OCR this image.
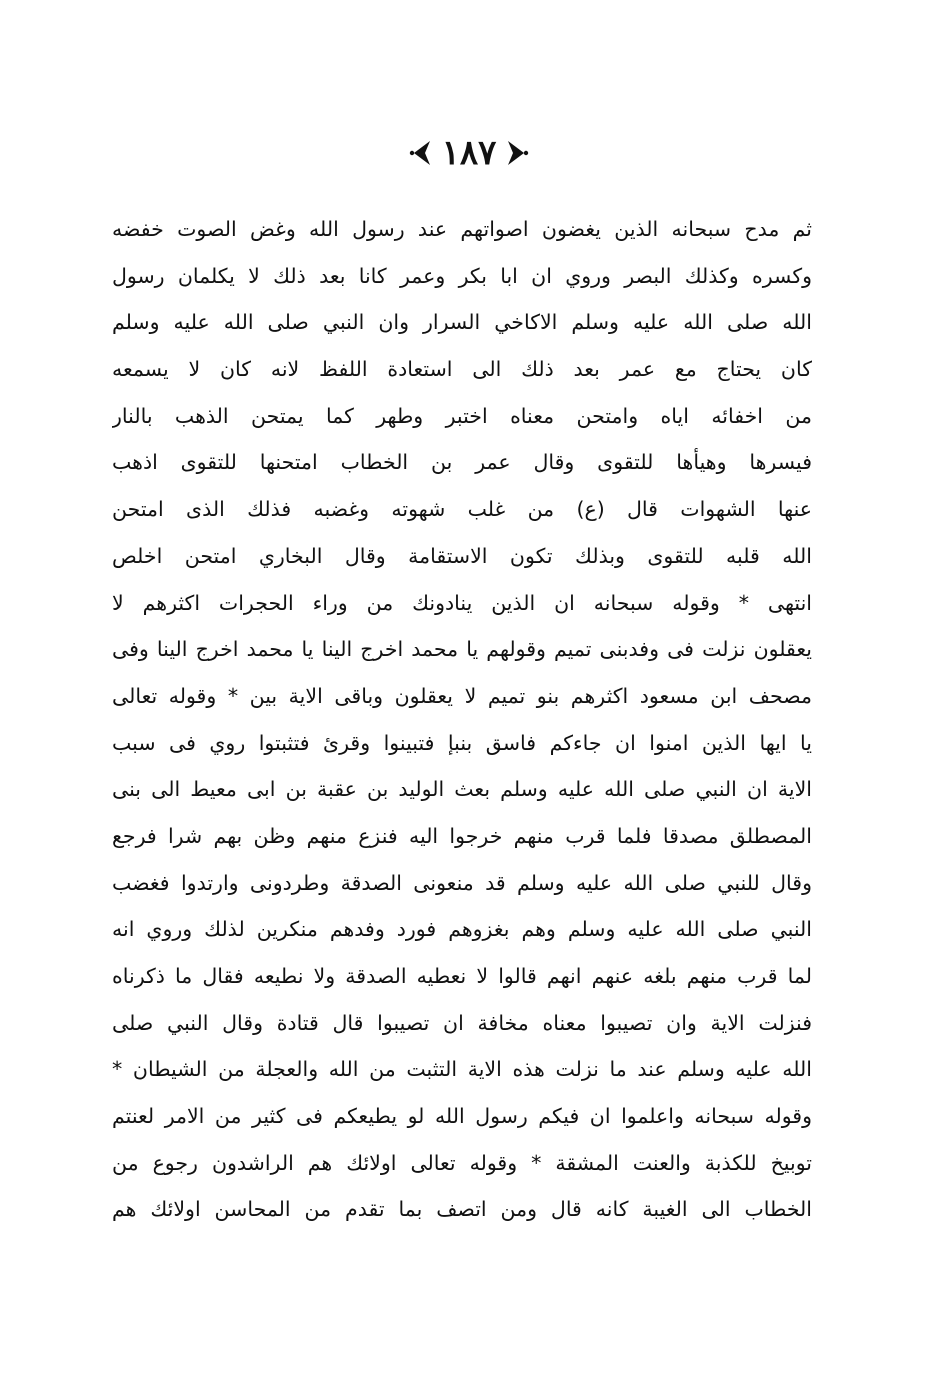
١٨٧
ثم مدح سبحانه الذين يغضون اصواتهم عند رسول الله وغض الصوت خفضه
وكسره وكذلك البصر وروي ان ابا بكر وعمر كانا بعد ذلك لا يكلمان رسول
الله صلى الله عليه وسلم الاكاخي السرار وان النبي صلى الله عليه وسلم
كان يحتاج مع عمر بعد ذلك الى استعادة اللفظ لانه كان لا يسمعه
من اخفائه اياه وامتحن معناه اختبر وطهر كما يمتحن الذهب بالنار
فيسرها وهيأها للتقوى وقال عمر بن الخطاب امتحنها للتقوى اذهب
عنها الشهوات قال (ع) من غلب شهوته وغضبه فذلك الذى امتحن
الله قلبه للتقوى وبذلك تكون الاستقامة وقال البخاري امتحن اخلص
انتهى * وقوله سبحانه ان الذين ينادونك من وراء الحجرات اكثرهم لا
يعقلون نزلت فى وفدبنى تميم وقولهم يا محمد اخرج الينا يا محمد اخرج الينا وفى
مصحف ابن مسعود اكثرهم بنو تميم لا يعقلون وباقى الاية بين * وقوله تعالى
يا ايها الذين امنوا ان جاءكم فاسق بنبإ فتبينوا وقرئ فتثبتوا روي فى سبب
الاية ان النبي صلى الله عليه وسلم بعث الوليد بن عقبة بن ابى معيط الى بنى
المصطلق مصدقا فلما قرب منهم خرجوا اليه فنزع منهم وظن بهم شرا فرجع
وقال للنبي صلى الله عليه وسلم قد منعونى الصدقة وطردونى وارتدوا فغضب
النبي صلى الله عليه وسلم وهم بغزوهم فورد وفدهم منكرين لذلك وروي انه
لما قرب منهم بلغه عنهم انهم قالوا لا نعطيه الصدقة ولا نطيعه فقال ما ذكرناه
فنزلت الاية وان تصيبوا معناه مخافة ان تصيبوا قال قتادة وقال النبي صلى
الله عليه وسلم عند ما نزلت هذه الاية التثبت من الله والعجلة من الشيطان *
وقوله سبحانه واعلموا ان فيكم رسول الله لو يطيعكم فى كثير من الامر لعنتم
توبيخ للكذبة والعنت المشقة * وقوله تعالى اولائك هم الراشدون رجوع من
الخطاب الى الغيبة كانه قال ومن اتصف بما تقدم من المحاسن اولائك هم
